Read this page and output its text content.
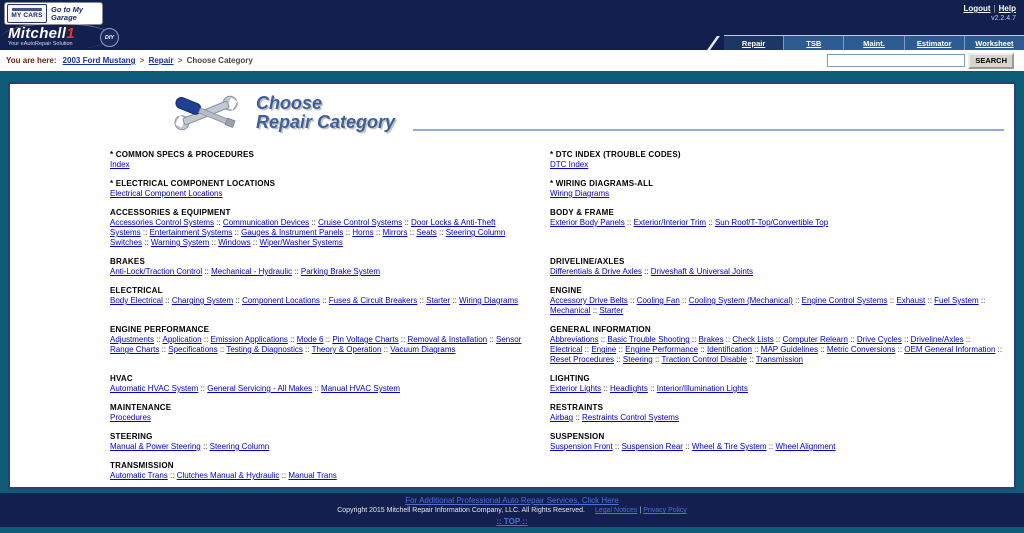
MY CARS
Go to My Garage
Logout | Help
v2.2.4.7
Mitchell1
Your eAutoRepair Solution
DIY
Repair	TSB	Maint.	Estimator	Worksheet
You are here: 2003 Ford Mustang > Repair > Choose Category	SEARCH
Choose
Repair Category
* COMMON SPECS & PROCEDURES
Index
* DTC INDEX (TROUBLE CODES)
DTC Index
* ELECTRICAL COMPONENT LOCATIONS
Electrical Component Locations
* WIRING DIAGRAMS-ALL
Wiring Diagrams
ACCESSORIES & EQUIPMENT
Accessories Control Systems :: Communication Devices :: Cruise Control Systems :: Door Locks & Anti-Theft Systems :: Entertainment Systems :: Gauges & Instrument Panels :: Horns :: Mirrors :: Seats :: Steering Column Switches :: Warning System :: Windows :: Wiper/Washer Systems
BODY & FRAME
Exterior Body Panels :: Exterior/Interior Trim :: Sun Roof/T-Top/Convertible Top
BRAKES
Anti-Lock/Traction Control :: Mechanical - Hydraulic :: Parking Brake System
DRIVELINE/AXLES
Differentials & Drive Axles :: Driveshaft & Universal Joints
ELECTRICAL
Body Electrical :: Charging System :: Component Locations :: Fuses & Circuit Breakers :: Starter :: Wiring Diagrams
ENGINE
Accessory Drive Belts :: Cooling Fan :: Cooling System (Mechanical) :: Engine Control Systems :: Exhaust :: Fuel System :: Mechanical :: Starter
ENGINE PERFORMANCE
Adjustments :: Application :: Emission Applications :: Mode 6 :: Pin Voltage Charts :: Removal & Installation :: Sensor Range Charts :: Specifications :: Testing & Diagnostics :: Theory & Operation :: Vacuum Diagrams
GENERAL INFORMATION
Abbreviations :: Basic Trouble Shooting :: Brakes :: Check Lists :: Computer Relearn :: Drive Cycles :: Driveline/Axles :: Electrical :: Engine :: Engine Performance :: Identification :: MAP Guidelines :: Metric Conversions :: OEM General Information :: Reset Procedures :: Steering :: Traction Control Disable :: Transmission
HVAC
Automatic HVAC System :: General Servicing - All Makes :: Manual HVAC System
LIGHTING
Exterior Lights :: Headlights :: Interior/Illumination Lights
MAINTENANCE
Procedures
RESTRAINTS
Airbag :: Restraints Control Systems
STEERING
Manual & Power Steering :: Steering Column
SUSPENSION
Suspension Front :: Suspension Rear :: Wheel & Tire System :: Wheel Alignment
TRANSMISSION
Automatic Trans :: Clutches Manual & Hydraulic :: Manual Trans
For Additional Professional Auto Repair Services, Click Here
Copyright 2015 Mitchell Repair Information Company, LLC. All Rights Reserved. Legal Notices | Privacy Policy
:: TOP ::
